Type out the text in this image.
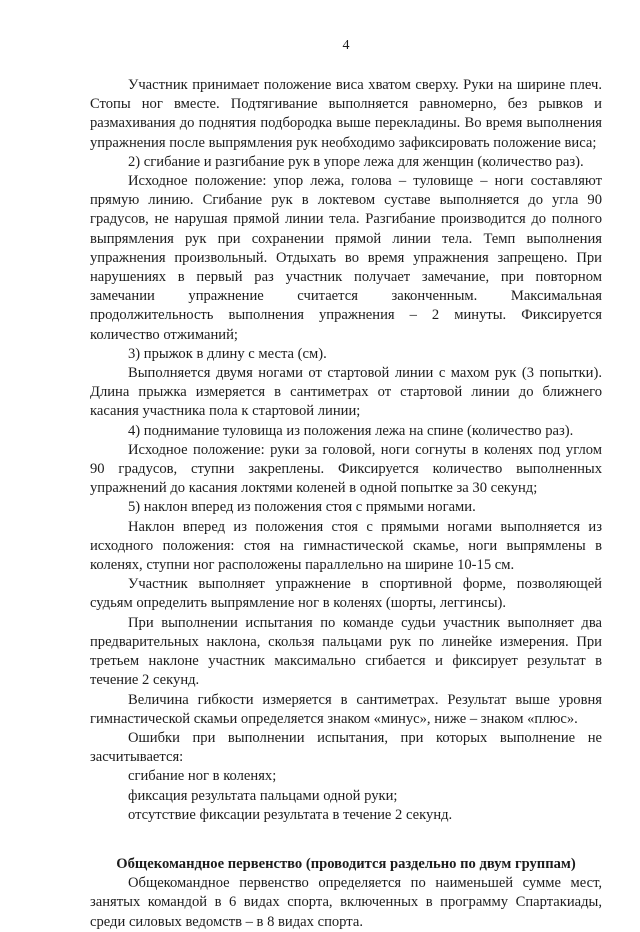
4

Участник принимает положение виса хватом сверху. Руки на ширине плеч. Стопы ног вместе. Подтягивание выполняется равномерно, без рывков и размахивания до поднятия подбородка выше перекладины. Во время выполнения упражнения после выпрямления рук необходимо зафиксировать положение виса;

2) сгибание и разгибание рук в упоре лежа для женщин (количество раз).

Исходное положение: упор лежа, голова – туловище – ноги составляют прямую линию. Сгибание рук в локтевом суставе выполняется до угла 90 градусов, не нарушая прямой линии тела. Разгибание производится до полного выпрямления рук при сохранении прямой линии тела. Темп выполнения упражнения произвольный. Отдыхать во время упражнения запрещено. При нарушениях в первый раз участник получает замечание, при повторном замечании упражнение считается законченным. Максимальная продолжительность выполнения упражнения – 2 минуты. Фиксируется количество отжиманий;

3) прыжок в длину с места (см).

Выполняется двумя ногами от стартовой линии с махом рук (3 попытки). Длина прыжка измеряется в сантиметрах от стартовой линии до ближнего касания участника пола к стартовой линии;

4) поднимание туловища из положения лежа на спине (количество раз).

Исходное положение: руки за головой, ноги согнуты в коленях под углом 90 градусов, ступни закреплены. Фиксируется количество выполненных упражнений до касания локтями коленей в одной попытке за 30 секунд;

5) наклон вперед из положения стоя с прямыми ногами.

Наклон вперед из положения стоя с прямыми ногами выполняется из исходного положения: стоя на гимнастической скамье, ноги выпрямлены в коленях, ступни ног расположены параллельно на ширине 10-15 см.

Участник выполняет упражнение в спортивной форме, позволяющей судьям определить выпрямление ног в коленях (шорты, леггинсы).

При выполнении испытания по команде судьи участник выполняет два предварительных наклона, скользя пальцами рук по линейке измерения. При третьем наклоне участник максимально сгибается и фиксирует результат в течение 2 секунд.

Величина гибкости измеряется в сантиметрах. Результат выше уровня гимнастической скамьи определяется знаком «минус», ниже – знаком «плюс».

Ошибки при выполнении испытания, при которых выполнение не засчитывается:

сгибание ног в коленях;
фиксация результата пальцами одной руки;
отсутствие фиксации результата в течение 2 секунд.
Общекомандное первенство (проводится раздельно по двум группам)

Общекомандное первенство определяется по наименьшей сумме мест, занятых командой в 6 видах спорта, включенных в программу Спартакиады, среди силовых ведомств – в 8 видах спорта.
